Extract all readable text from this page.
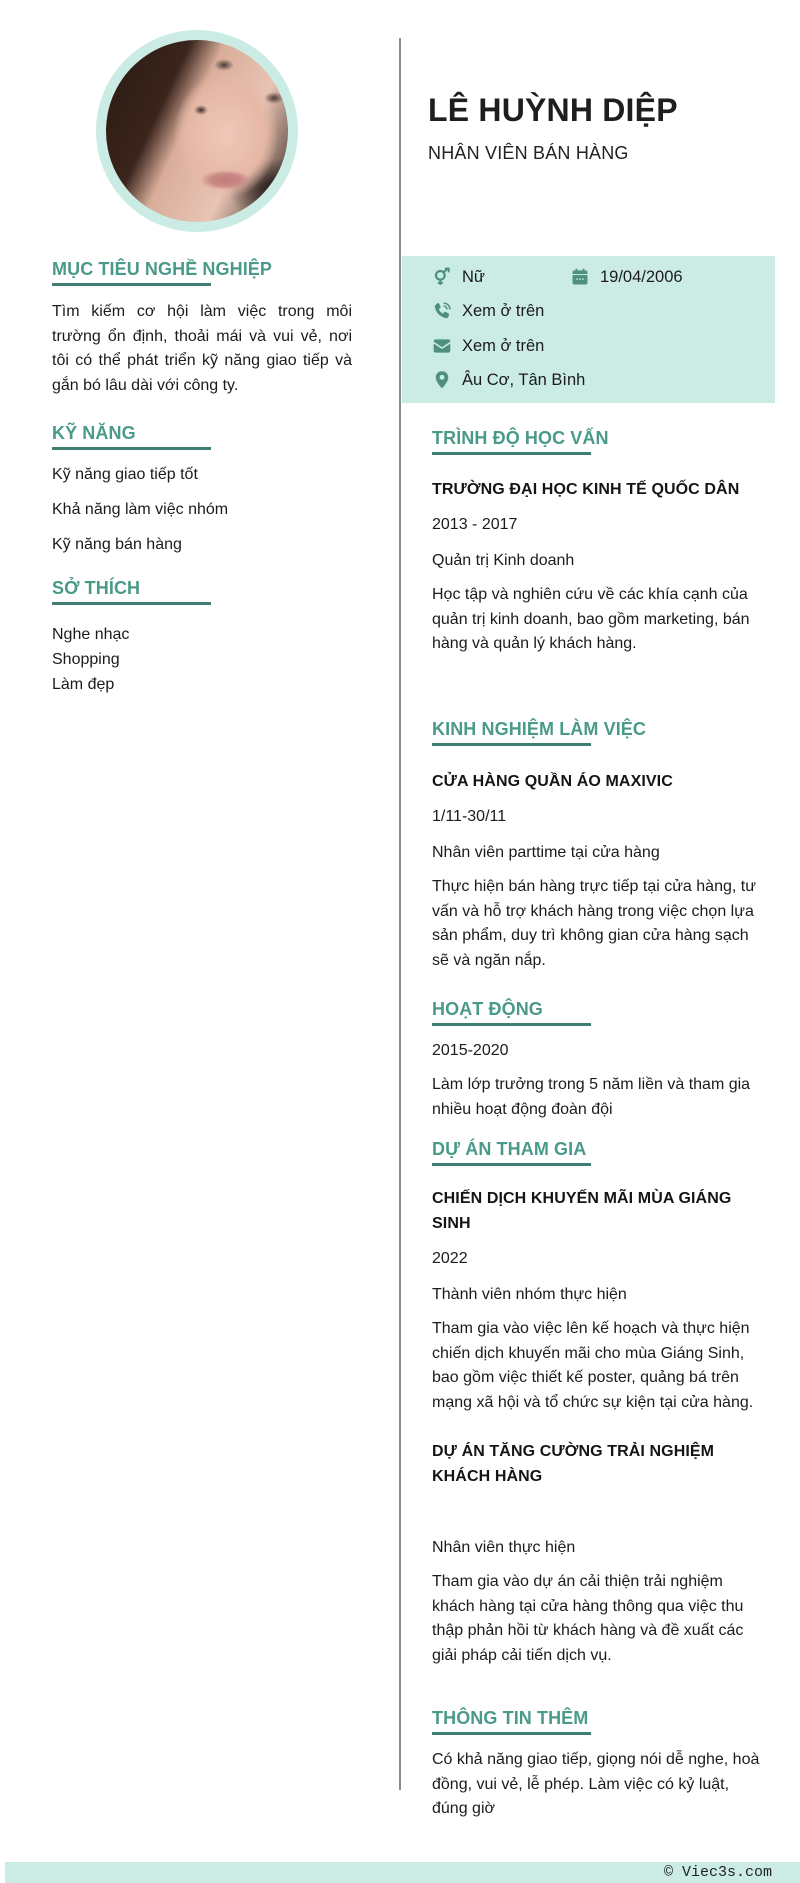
MỤC TIÊU NGHỀ NGHIỆP

Tìm kiếm cơ hội làm việc trong môi trường ổn định, thoải mái và vui vẻ, nơi tôi có thể phát triển kỹ năng giao tiếp và gắn bó lâu dài với công ty.

KỸ NĂNG
Kỹ năng giao tiếp tốt
Khả năng làm việc nhóm
Kỹ năng bán hàng
SỞ THÍCH
Nghe nhạc
Shopping
Làm đẹp
LÊ HUỲNH DIỆP
NHÂN VIÊN BÁN HÀNG
Nữ	19/04/2006
Xem ở trên
Xem ở trên
Âu Cơ, Tân Bình
TRÌNH ĐỘ HỌC VẤN
TRƯỜNG ĐẠI HỌC KINH TẾ QUỐC DÂN
2013 - 2017
Quản trị Kinh doanh
Học tập và nghiên cứu về các khía cạnh của quản trị kinh doanh, bao gồm marketing, bán hàng và quản lý khách hàng.
KINH NGHIỆM LÀM VIỆC
CỬA HÀNG QUẦN ÁO MAXIVIC
1/11-30/11
Nhân viên parttime tại cửa hàng
Thực hiện bán hàng trực tiếp tại cửa hàng, tư vấn và hỗ trợ khách hàng trong việc chọn lựa sản phẩm, duy trì không gian cửa hàng sạch sẽ và ngăn nắp.
HOẠT ĐỘNG
2015-2020
Làm lớp trưởng trong 5 năm liền và tham gia nhiều hoạt động đoàn đội
DỰ ÁN THAM GIA
CHIẾN DỊCH KHUYẾN MÃI MÙA GIÁNG SINH
2022
Thành viên nhóm thực hiện
Tham gia vào việc lên kế hoạch và thực hiện chiến dịch khuyến mãi cho mùa Giáng Sinh, bao gồm việc thiết kế poster, quảng bá trên mạng xã hội và tổ chức sự kiện tại cửa hàng.
DỰ ÁN TĂNG CƯỜNG TRẢI NGHIỆM KHÁCH HÀNG
Nhân viên thực hiện
Tham gia vào dự án cải thiện trải nghiệm khách hàng tại cửa hàng thông qua việc thu thập phản hồi từ khách hàng và đề xuất các giải pháp cải tiến dịch vụ.
THÔNG TIN THÊM
Có khả năng giao tiếp, giọng nói dễ nghe, hoà đồng, vui vẻ, lễ phép. Làm việc có kỷ luật, đúng giờ
© Viec3s.com
